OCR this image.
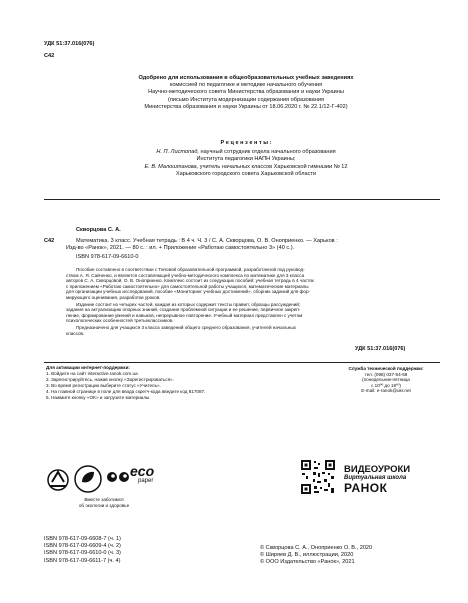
УДК 51:37.016(076)
С42
Одобрено для использования в общеобразовательных учебных заведениях
комиссией по педагогике и методике начального обучения
Научно-методического совета Министерства образования и науки Украины
(письмо Института модернизации содержания образования
Министерства образования и науки Украины от 18.06.2020 г. № 22.1/12-Г-402)
Р е ц е н з е н т ы :
Н. П. Листопад, научный сотрудник отдела начального образования
Института педагогики НАПН Украины;
Е. В. Малоштанова, учитель начальных классов Харьковской гимназии № 12
Харьковского городского совета Харьковской области
Скворцова С. А.
С42	Математика. 3 класс. Учебная тетрадь : В 4 ч. Ч. 3 / С. А. Скворцова, О. В. Оноприенко. — Харьков :
Изд-во «Ранок», 2021. — 80 с. : ил. + Приложение «Работаю самостоятельно 3» (40 с.).
ISBN 978-617-09-6610-0
Пособие составлено в соответствии с Типовой образовательной программой, разработанной под руковод-
ством А. Я. Савченко, и является составляющей учебно-методического комплекса по математике для 3 класса
авторов С. А. Скворцовой, О. В. Оноприенко. Комплекс состоит из следующих пособий: учебная тетрадь в 4 частях
с приложением «Работаю самостоятельно» для самостоятельной работы учащихся, математические материалы
для организации учебных исследований, пособие «Мониторинг учебных достижений», сборник заданий для фор-
мирующего оценивания, разработки уроков.
Издание состоит из четырех частей, каждая из которых содержит тексты правил; образцы рассуждений;
задания на актуализацию опорных знаний, создание проблемной ситуации и ее решение, первичное закреп-
ление, формирование умений и навыков, непрерывное повторение. Учебный материал представлен с учетом
психологических особенностей третьеклассников.
Предназначено для учащихся 3 класса заведений общего среднего образования, учителей начальных
классов.
УДК 51:37.016(076)
Для активации интернет-поддержки:
1. Войдите на сайт interactive.ranok.com.ua
2. Зарегистрируйтесь, нажав кнопку «Зарегистрироваться».
3. Во время регистрации выберите статус «Учитель».
4. На главной странице в поле для ввода скретч-кода введите код 817087.
5. Нажмите кнопку «OK» и загрузите материалы.
Служба технической поддержки:
тел. (098) 037-54-68
(понедельник-пятница
с 10ºº до 18ºº)
E-mail: e-ranok@ukr.net
eco
paper
Вместе заботимся
об экологии и здоровье
ВИДЕОУРОКИ
Виртуальная школа
РАНОК
ISBN 978-617-09-6608-7 (ч. 1)
ISBN 978-617-09-6609-4 (ч. 2)
ISBN 978-617-09-6610-0 (ч. 3)
ISBN 978-617-09-6611-7 (ч. 4)
© Скворцова С. А., Оноприенко О. В., 2020
© Ширяев Д. В., иллюстрации, 2020
© ООО Издательство «Ранок», 2021
